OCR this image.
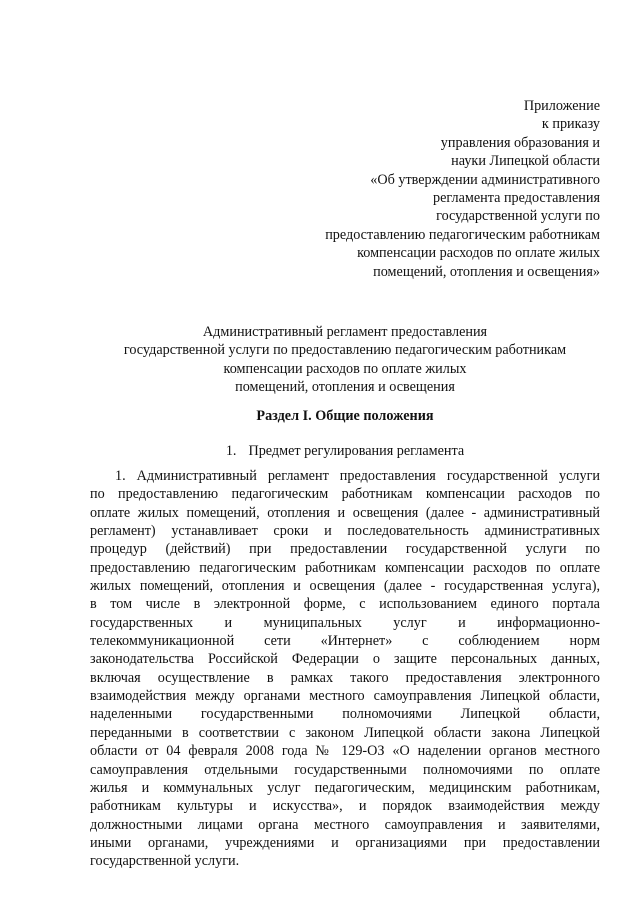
Приложение
к приказу
управления образования и
науки Липецкой области
«Об утверждении административного
регламента предоставления
государственной услуги по
предоставлению педагогическим работникам
компенсации расходов по оплате жилых
помещений, отопления и освещения»
Административный регламент предоставления
государственной услуги по предоставлению педагогическим работникам
компенсации расходов по оплате жилых
помещений, отопления и освещения
Раздел I. Общие положения
1. Предмет регулирования регламента
1. Административный регламент предоставления государственной услуги
по предоставлению педагогическим работникам компенсации расходов по
оплате жилых помещений, отопления и освещения (далее - административный
регламент) устанавливает сроки и последовательность административных
процедур (действий) при предоставлении государственной услуги по
предоставлению педагогическим работникам компенсации расходов по оплате
жилых помещений, отопления и освещения (далее - государственная услуга),
в том числе в электронной форме, с использованием единого портала
государственных и муниципальных услуг и информационно-
телекоммуникационной сети «Интернет» с соблюдением норм
законодательства Российской Федерации о защите персональных данных,
включая осуществление в рамках такого предоставления электронного
взаимодействия между органами местного самоуправления Липецкой области,
наделенными государственными полномочиями Липецкой области,
переданными в соответствии с законом Липецкой области закона Липецкой
области от 04 февраля 2008 года № 129-ОЗ «О наделении органов местного
самоуправления отдельными государственными полномочиями по оплате
жилья и коммунальных услуг педагогическим, медицинским работникам,
работникам культуры и искусства», и порядок взаимодействия между
должностными лицами органа местного самоуправления и заявителями,
иными органами, учреждениями и организациями при предоставлении
государственной услуги.
